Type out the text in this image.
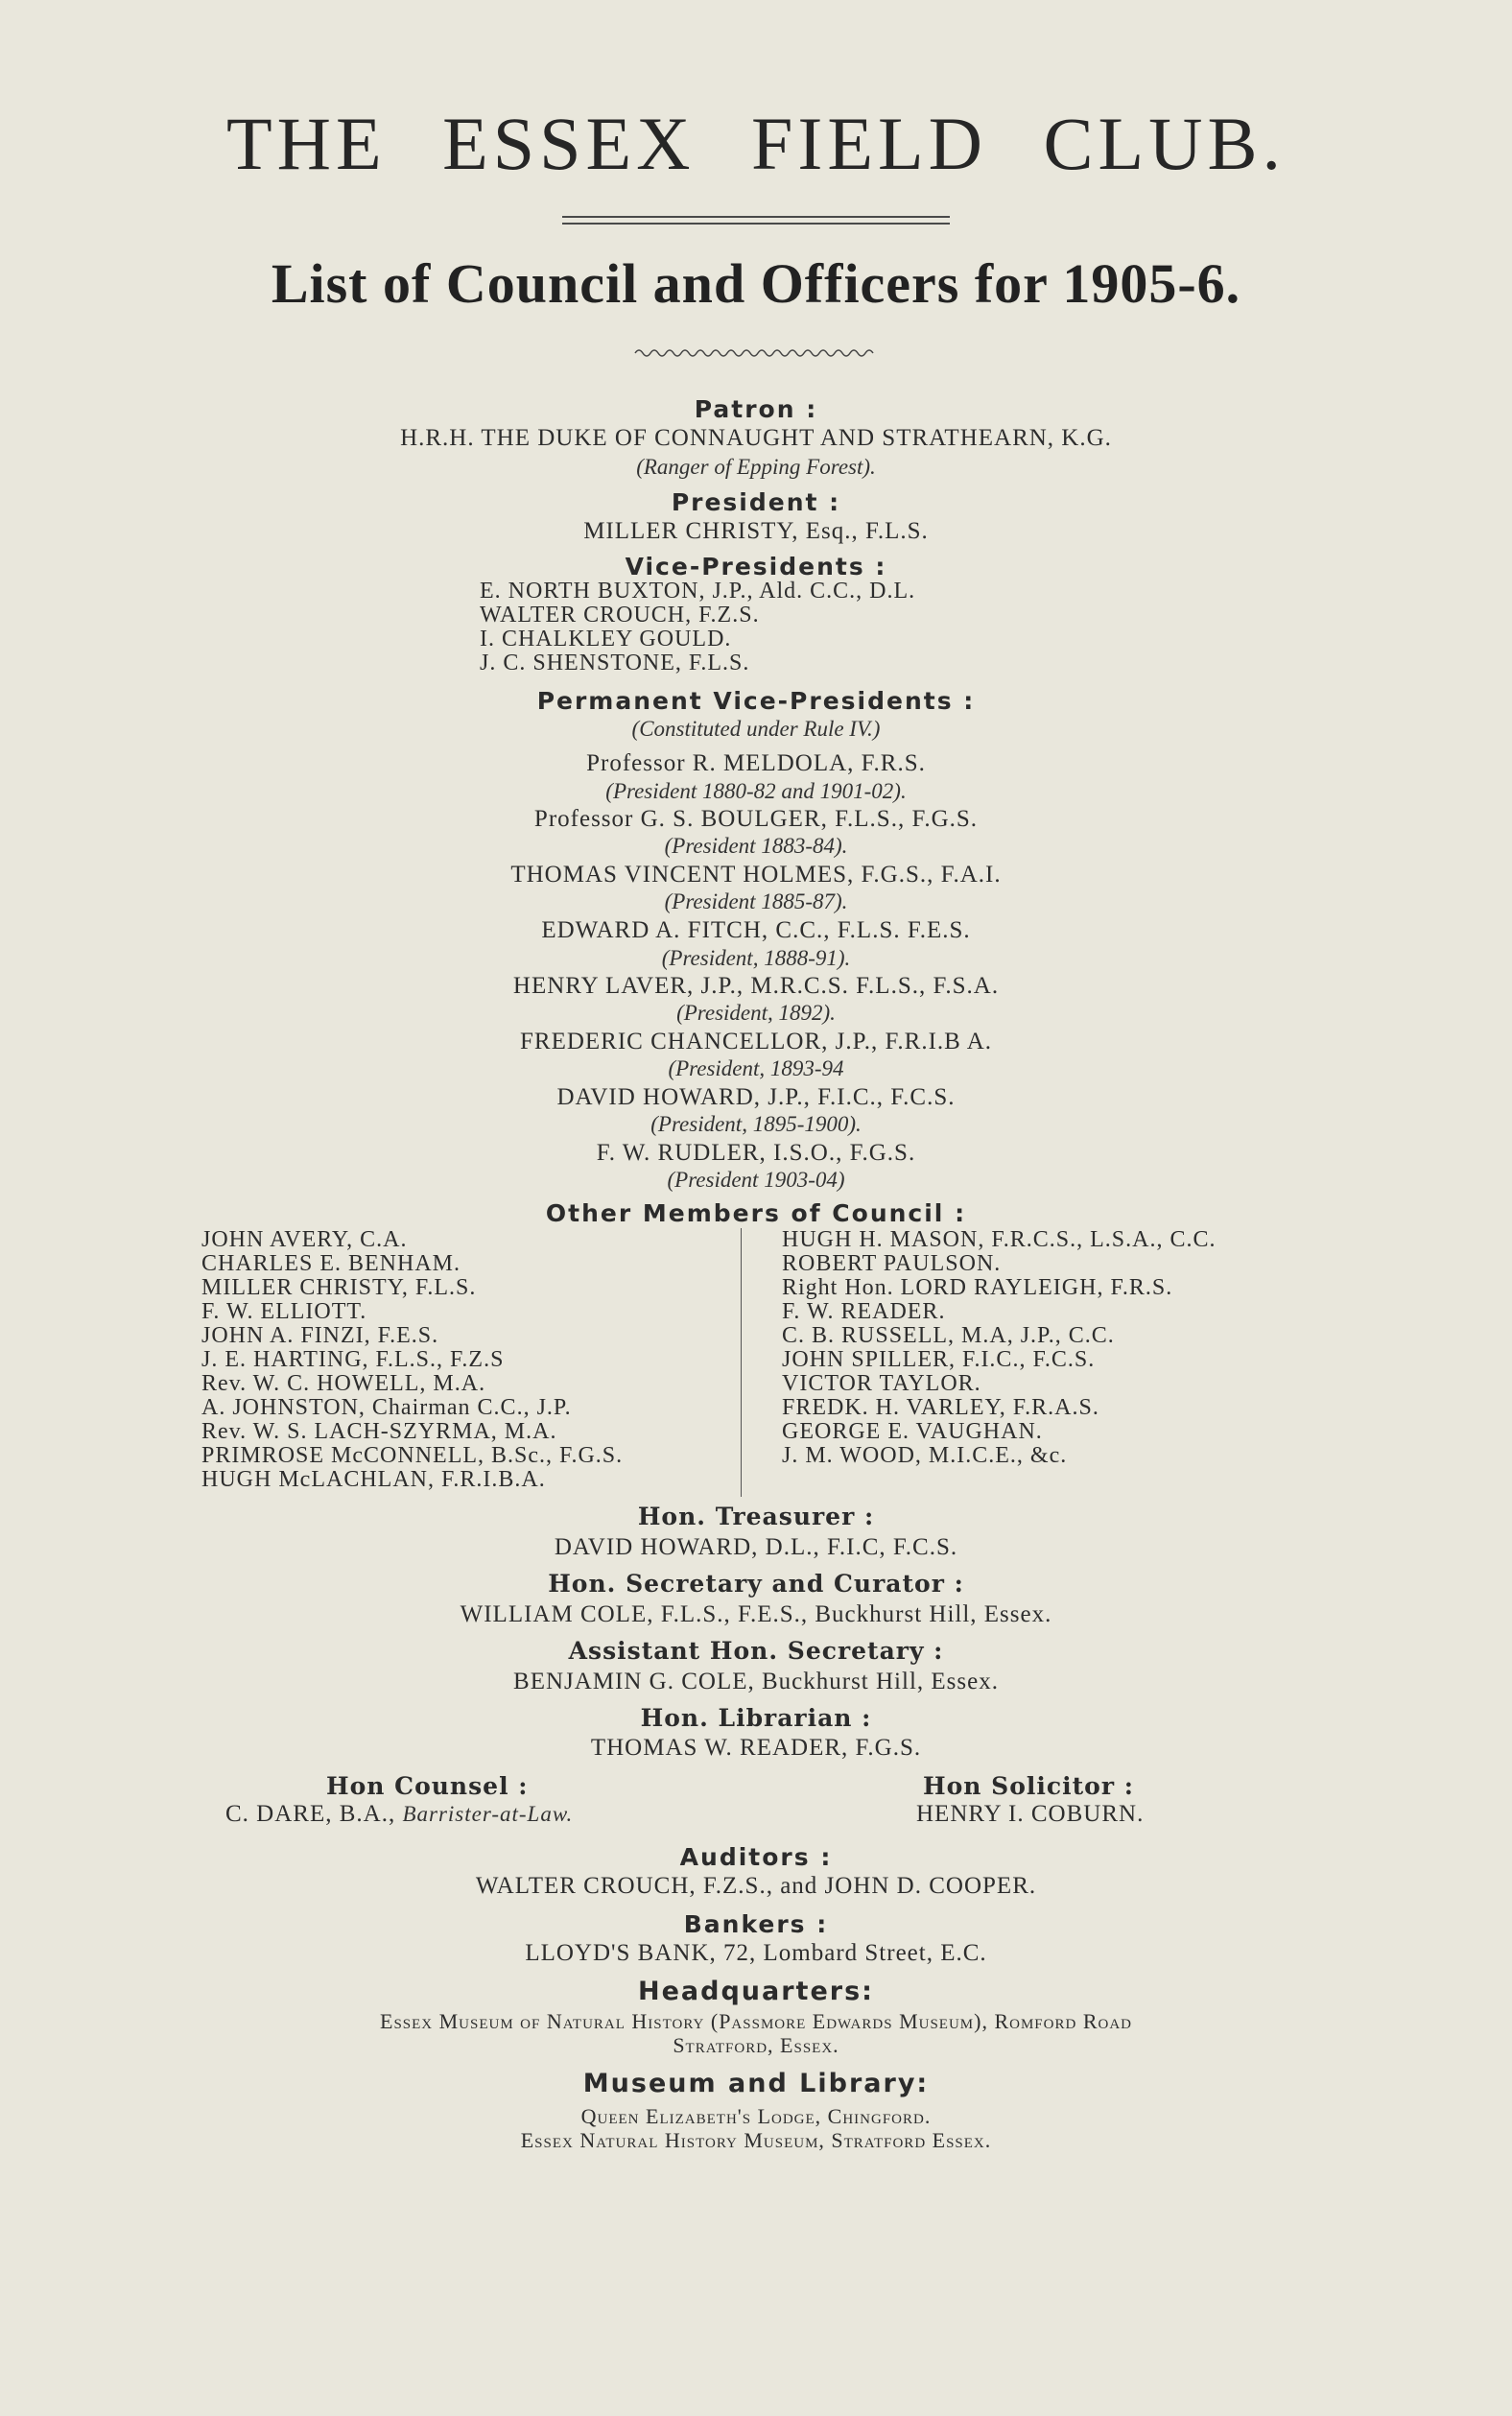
THE ESSEX FIELD CLUB.
List of Council and Officers for 1905-6.
Patron :
H.R.H. THE DUKE OF CONNAUGHT AND STRATHEARN, K.G.
(Ranger of Epping Forest).
President :
MILLER CHRISTY, Esq., F.L.S.
Vice-Presidents :
E. NORTH BUXTON, J.P., Ald. C.C., D.L.
WALTER CROUCH, F.Z.S.
I. CHALKLEY GOULD.
J. C. SHENSTONE, F.L.S.
Permanent Vice-Presidents :
(Constituted under Rule IV.)
Professor R. MELDOLA, F.R.S.
(President 1880-82 and 1901-02).
Professor G. S. BOULGER, F.L.S., F.G.S.
(President 1883-84).
THOMAS VINCENT HOLMES, F.G.S., F.A.I.
(President 1885-87).
EDWARD A. FITCH, C.C., F.L.S. F.E.S.
(President, 1888-91).
HENRY LAVER, J.P., M.R.C.S. F.L.S., F.S.A.
(President, 1892).
FREDERIC CHANCELLOR, J.P., F.R.I.B A.
(President, 1893-94
DAVID HOWARD, J.P., F.I.C., F.C.S.
(President, 1895-1900).
F. W. RUDLER, I.S.O., F.G.S.
(President 1903-04)
Other Members of Council :
JOHN AVERY, C.A.
CHARLES E. BENHAM.
MILLER CHRISTY, F.L.S.
F. W. ELLIOTT.
JOHN A. FINZI, F.E.S.
J. E. HARTING, F.L.S., F.Z.S
Rev. W. C. HOWELL, M.A.
A. JOHNSTON, Chairman C.C., J.P.
Rev. W. S. LACH-SZYRMA, M.A.
PRIMROSE McCONNELL, B.Sc., F.G.S.
HUGH McLACHLAN, F.R.I.B.A.
HUGH H. MASON, F.R.C.S., L.S.A., C.C.
ROBERT PAULSON.
Right Hon. LORD RAYLEIGH, F.R.S.
F. W. READER.
C. B. RUSSELL, M.A, J.P., C.C.
JOHN SPILLER, F.I.C., F.C.S.
VICTOR TAYLOR.
FREDK. H. VARLEY, F.R.A.S.
GEORGE E. VAUGHAN.
J. M. WOOD, M.I.C.E., &c.
Hon. Treasurer :
DAVID HOWARD, D.L., F.I.C, F.C.S.
Hon. Secretary and Curator :
WILLIAM COLE, F.L.S., F.E.S., Buckhurst Hill, Essex.
Assistant Hon. Secretary :
BENJAMIN G. COLE, Buckhurst Hill, Essex.
Hon. Librarian :
THOMAS W. READER, F.G.S.
Hon Counsel :
C. DARE, B.A., Barrister-at-Law.
Hon Solicitor :
HENRY I. COBURN.
Auditors :
WALTER CROUCH, F.Z.S., and JOHN D. COOPER.
Bankers :
LLOYD'S BANK, 72, Lombard Street, E.C.
Headquarters:
Essex Museum of Natural History (Passmore Edwards Museum), Romford Road
Stratford, Essex.
Museum and Library:
Queen Elizabeth's Lodge, Chingford.
Essex Natural History Museum, Stratford Essex.
